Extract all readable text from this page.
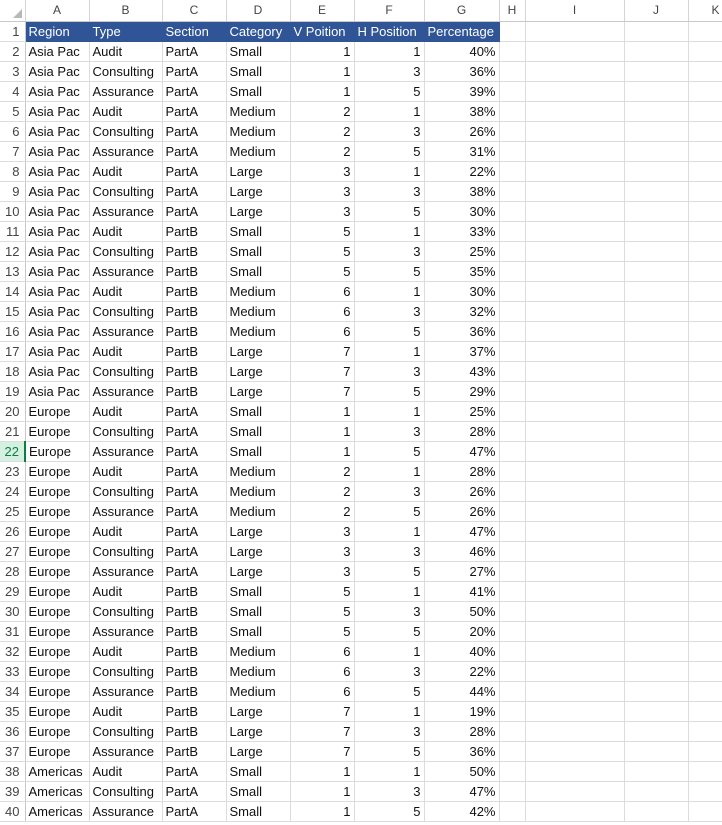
	A	B	C	D	E	F	G	H	I	J	K
1	Region	Type	Section	Category	V Poition	H Position	Percentage				
2	Asia Pac	Audit	PartA	Small	1	1	40%				
3	Asia Pac	Consulting	PartA	Small	1	3	36%				
4	Asia Pac	Assurance	PartA	Small	1	5	39%				
5	Asia Pac	Audit	PartA	Medium	2	1	38%				
6	Asia Pac	Consulting	PartA	Medium	2	3	26%				
7	Asia Pac	Assurance	PartA	Medium	2	5	31%				
8	Asia Pac	Audit	PartA	Large	3	1	22%				
9	Asia Pac	Consulting	PartA	Large	3	3	38%				
10	Asia Pac	Assurance	PartA	Large	3	5	30%				
11	Asia Pac	Audit	PartB	Small	5	1	33%				
12	Asia Pac	Consulting	PartB	Small	5	3	25%				
13	Asia Pac	Assurance	PartB	Small	5	5	35%				
14	Asia Pac	Audit	PartB	Medium	6	1	30%				
15	Asia Pac	Consulting	PartB	Medium	6	3	32%				
16	Asia Pac	Assurance	PartB	Medium	6	5	36%				
17	Asia Pac	Audit	PartB	Large	7	1	37%				
18	Asia Pac	Consulting	PartB	Large	7	3	43%				
19	Asia Pac	Assurance	PartB	Large	7	5	29%				
20	Europe	Audit	PartA	Small	1	1	25%				
21	Europe	Consulting	PartA	Small	1	3	28%				
22	Europe	Assurance	PartA	Small	1	5	47%				
23	Europe	Audit	PartA	Medium	2	1	28%				
24	Europe	Consulting	PartA	Medium	2	3	26%				
25	Europe	Assurance	PartA	Medium	2	5	26%				
26	Europe	Audit	PartA	Large	3	1	47%				
27	Europe	Consulting	PartA	Large	3	3	46%				
28	Europe	Assurance	PartA	Large	3	5	27%				
29	Europe	Audit	PartB	Small	5	1	41%				
30	Europe	Consulting	PartB	Small	5	3	50%				
31	Europe	Assurance	PartB	Small	5	5	20%				
32	Europe	Audit	PartB	Medium	6	1	40%				
33	Europe	Consulting	PartB	Medium	6	3	22%				
34	Europe	Assurance	PartB	Medium	6	5	44%				
35	Europe	Audit	PartB	Large	7	1	19%				
36	Europe	Consulting	PartB	Large	7	3	28%				
37	Europe	Assurance	PartB	Large	7	5	36%				
38	Americas	Audit	PartA	Small	1	1	50%				
39	Americas	Consulting	PartA	Small	1	3	47%				
40	Americas	Assurance	PartA	Small	1	5	42%				
